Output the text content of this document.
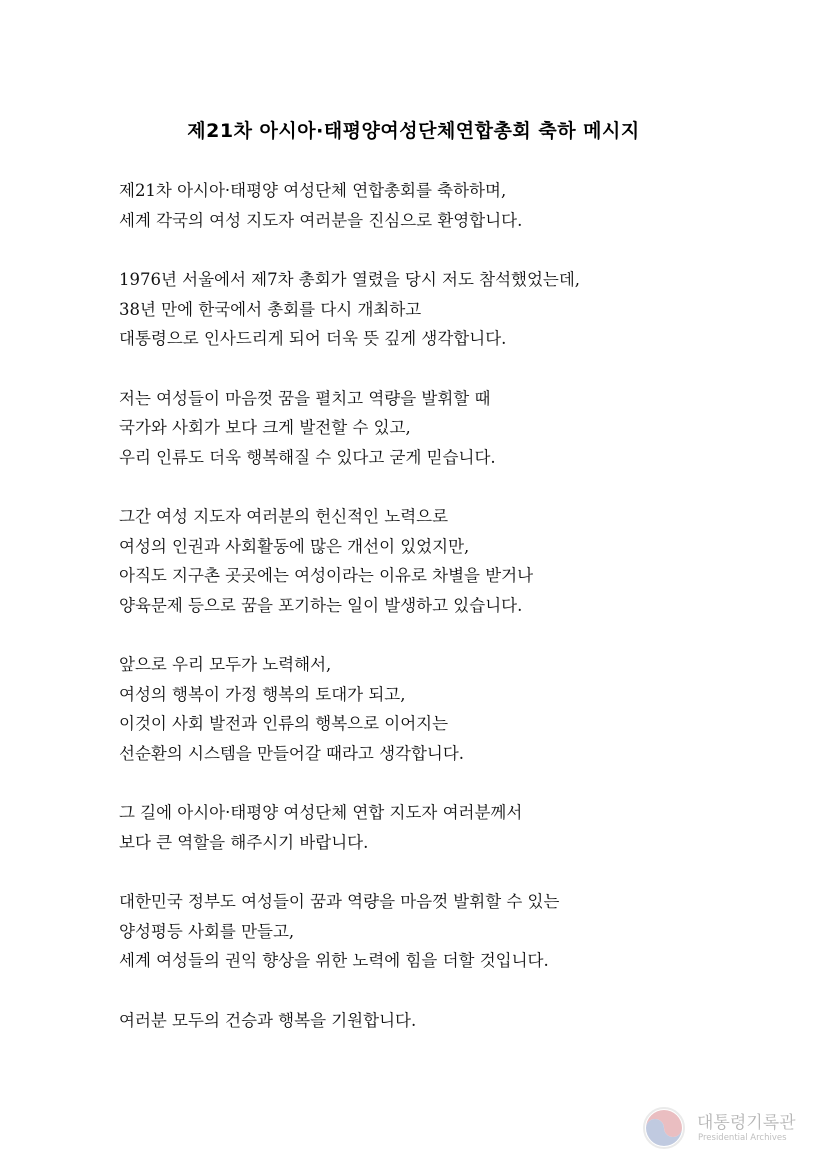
제21차 아시아·태평양여성단체연합총회 축하 메시지

제21차 아시아·태평양 여성단체 연합총회를 축하하며,
세계 각국의 여성 지도자 여러분을 진심으로 환영합니다.

1976년 서울에서 제7차 총회가 열렸을 당시 저도 참석했었는데,
38년 만에 한국에서 총회를 다시 개최하고
대통령으로 인사드리게 되어 더욱 뜻 깊게 생각합니다.

저는 여성들이 마음껏 꿈을 펼치고 역량을 발휘할 때
국가와 사회가 보다 크게 발전할 수 있고,
우리 인류도 더욱 행복해질 수 있다고 굳게 믿습니다.

그간 여성 지도자 여러분의 헌신적인 노력으로
여성의 인권과 사회활동에 많은 개선이 있었지만,
아직도 지구촌 곳곳에는 여성이라는 이유로 차별을 받거나
양육문제 등으로 꿈을 포기하는 일이 발생하고 있습니다.

앞으로 우리 모두가 노력해서,
여성의 행복이 가정 행복의 토대가 되고,
이것이 사회 발전과 인류의 행복으로 이어지는
선순환의 시스템을 만들어갈 때라고 생각합니다.

그 길에 아시아·태평양 여성단체 연합 지도자 여러분께서
보다 큰 역할을 해주시기 바랍니다.

대한민국 정부도 여성들이 꿈과 역량을 마음껏 발휘할 수 있는
양성평등 사회를 만들고,
세계 여성들의 권익 향상을 위한 노력에 힘을 더할 것입니다.

여러분 모두의 건승과 행복을 기원합니다.

대통령기록관
Presidential Archives
